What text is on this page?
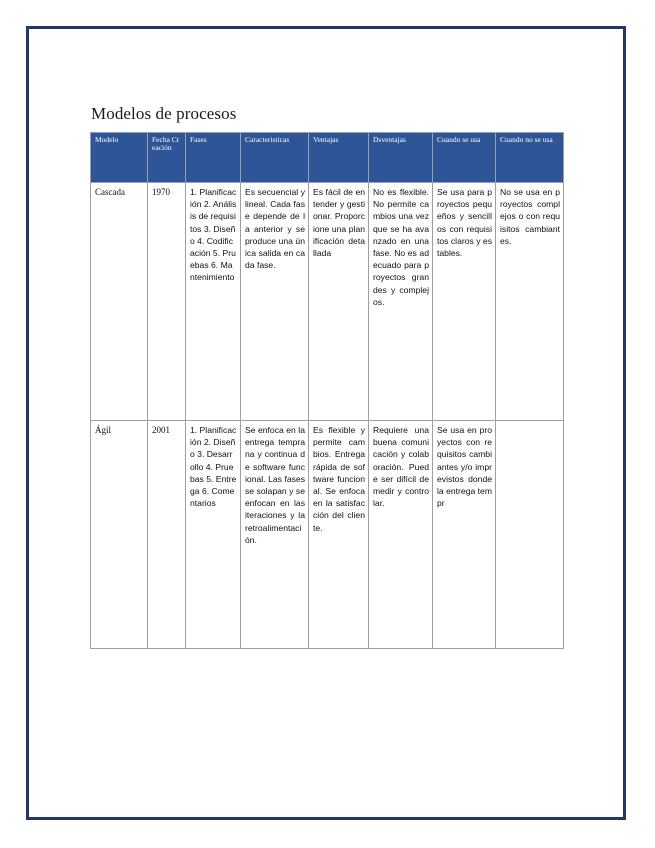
Modelos de procesos
Modelo	Fecha Creación	Fases	Caracteristicas	Ventajas	Dsventajas	Cuando se usa	Cuando no se usa
Cascada	1970	1. Planificación 2. Análisis de requisitos 3. Diseño 4. Codificación 5. Pruebas 6. Mantenimiento	Es secuencial y lineal. Cada fase depende de la anterior y se produce una única salida en cada fase.	Es fácil de entender y gestionar. Proporcione una planificación detallada	No es flexible. No permite cambios una vez que se ha avanzado en una fase. No es adecuado para proyectos grandes y complejos.	Se usa para proyectos pequeños y sencillos con requisitos claros y estables.	No se usa en proyectos complejos o con requisitos cambiantes.
Ágil	2001	1. Planificación 2. Diseño 3. Desarrollo 4. Pruebas 5. Entrega 6. Comentarios	Se enfoca en la entrega temprana y continua de software funcional. Las fases se solapan y se enfocan en las iteraciones y la retroalimentación.	Es flexible y permite cambios. Entrega rápida de software funcional. Se enfoca en la satisfacción del cliente.	Requiere una buena comunicación y colaboración. Puede ser difícil de medir y controlar.	Se usa en proyectos con requisitos cambiantes y/o imprevistos donde la entrega tempr	
